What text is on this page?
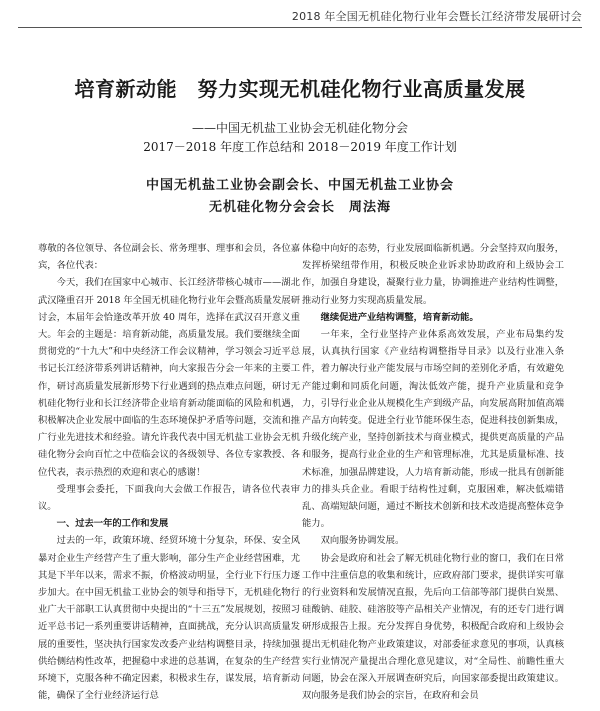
2018 年全国无机硅化物行业年会暨长江经济带发展研讨会
培育新动能　努力实现无机硅化物行业高质量发展
——中国无机盐工业协会无机硅化物分会
2017－2018 年度工作总结和 2018－2019 年度工作计划
中国无机盐工业协会副会长、中国无机盐工业协会
无机硅化物分会会长　周法海

尊敬的各位领导、各位副会长、常务理事、理事和会员，各位嘉宾，各位代表：

今天，我们在国家中心城市、长江经济带核心城市——湖北武汉隆重召开 2018 年全国无机硅化物行业年会暨高质量发展研讨会，本届年会恰逢改革开放 40 周年，选择在武汉召开意义重大。年会的主题是：培育新动能，高质量发展。我们要继续全面贯彻党的“十九大”和中央经济工作会议精神，学习领会习近平总书记长江经济带系列讲话精神，向大家报告分会一年来的主要工作，研讨高质量发展新形势下行业遇到的热点难点问题，研讨无机硅化物行业和长江经济带企业培育新动能面临的风险和机遇，积极解决企业发展中面临的生态环境保护矛盾等问题，交流和推广行业先进技术和经验。请允许我代表中国无机盐工业协会无机硅化物分会向百忙之中莅临会议的各级领导、各位专家教授、各位代表，表示热烈的欢迎和衷心的感谢！

受理事会委托，下面我向大会做工作报告，请各位代表审议。

一、过去一年的工作和发展

过去的一年，政策环境、经贸环境十分复杂，环保、安全风暴对企业生产经营产生了重大影响，部分生产企业经营困难，尤其是下半年以来，需求不振，价格波动明显，全行业下行压力逐步加大。在中国无机盐工业协会的领导和指导下，无机硅化物行业广大干部职工认真贯彻中央提出的“十三五”发展规划，按照习近平总书记一系列重要讲话精神，直面挑战，充分认识高质量发展的重要性，坚决执行国家发改委产业结构调整目录，持续加强供给侧结构性改革，把握稳中求进的总基调，在复杂的生产经营环境下，克服各种不确定因素，积极求生存，谋发展，培育新动能，确保了全行业经济运行总

体稳中向好的态势，行业发展面临新机遇。分会坚持双向服务，发挥桥梁纽带作用，积极反映企业诉求协助政府和上级协会工作，加强自身建设，凝聚行业力量，协调推进产业结构性调整，推动行业努力实现高质量发展。

继续促进产业结构调整，培育新动能。

一年来，全行业坚持产业体系高效发展，产业布局集约发展，认真执行国家《产业结构调整指导目录》以及行业准入条件，着力解决行业产能发展与市场空间的差别化矛盾，有效避免产能过剩和同质化问题，淘汰低效产能，提升产业质量和竞争力，引导行业企业从规模化生产到级产品，向发展高附加值高端产品方向转变。促进全行业节能环保生态，促进科技创新集成，升级化统产业，坚持创新技术与商业模式，提供更高质量的产品和服务，提高行业企业的生产和管理标准，尤其是质量标准、技术标准，加强品牌建设，人力培育新动能，形成一批具有创新能力的排头兵企业。看眼于结构性过剩，克服困难，解决低端错乱、高端短缺问题，通过不断技术创新和技术改造提高整体竞争能力。

双向服务协调发展。

协会是政府和社会了解无机硅化物行业的窗口，我们在日常工作中注重信息的收集和统计，应政府部门要求，提供详实可靠的行业资料和发展情况直报，先后向工信部等部门提供白炭黑、硅酸钠、硅胶、硅溶胶等产品相关产业情况，有的还专门进行调研形成报告上报。充分发挥自身优势，积极配合政府和上级协会提出无机硅化物产业政策建议，对部委征求意见的事项，认真核实行业情况产量提出合理化意见建议，对“全局性、前瞻性重大问题，协会在深入开展调查研究后，向国家部委提出政策建议。双向服务是我们协会的宗旨，在政府和会员
